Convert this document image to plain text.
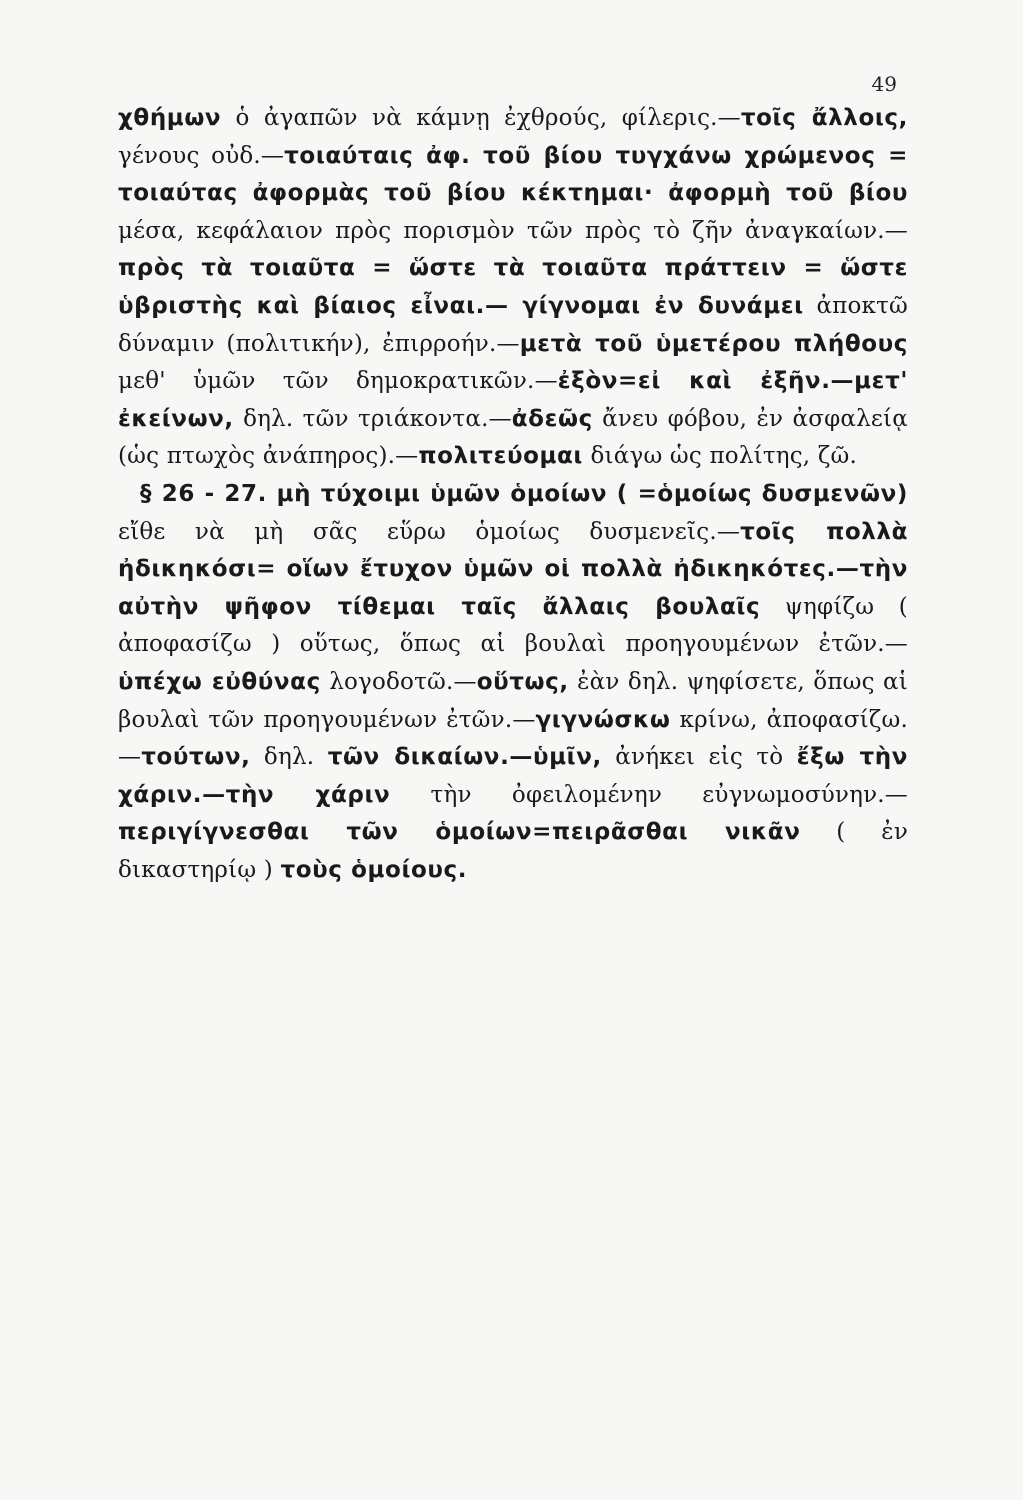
49

χθήμων ὁ ἀγαπῶν νὰ κάμνῃ ἐχθρούς, φίλερις.—τοῖς ἄλλοις, γένους οὐδ.—τοιαύταις ἀφ. τοῦ βίου τυγχάνω χρώμενος = τοιαύτας ἀφορμὰς τοῦ βίου κέκτημαι· ἀφορμὴ τοῦ βίου μέσα, κεφάλαιον πρὸς πορισμὸν τῶν πρὸς τὸ ζῆν ἀναγκαίων.—πρὸς τὰ τοιαῦτα = ὥστε τὰ τοιαῦτα πράττειν = ὥστε ὑβριστὴς καὶ βίαιος εἶναι.— γίγνομαι ἐν δυνάμει ἀποκτῶ δύναμιν (πολιτικήν), ἐπιρροήν.—μετὰ τοῦ ὑμετέρου πλήθους μεθ' ὑμῶν τῶν δημοκρατικῶν.—ἐξὸν=εἰ καὶ ἐξῆν.—μετ' ἐκείνων, δηλ. τῶν τριάκοντα.—ἀδεῶς ἄνευ φόβου, ἐν ἀσφαλείᾳ (ὡς πτωχὸς ἀνάπηρος).—πολιτεύομαι διάγω ὡς πολίτης, ζῶ.

§ 26 - 27. μὴ τύχοιμι ὑμῶν ὁμοίων ( =ὁμοίως δυσμενῶν) εἴθε νὰ μὴ σᾶς εὕρω ὁμοίως δυσμενεῖς.—τοῖς πολλὰ ἠδικηκόσι= οἵων ἔτυχον ὑμῶν οἱ πολλὰ ἠδικηκότες.—τὴν αὐτὴν ψῆφον τίθεμαι ταῖς ἄλλαις βουλαῖς ψηφίζω ( ἀποφασίζω ) οὕτως, ὅπως αἱ βουλαὶ προηγουμένων ἐτῶν.—ὑπέχω εὐθύνας λογοδοτῶ.—οὕτως, ἐὰν δηλ. ψηφίσετε, ὅπως αἱ βουλαὶ τῶν προηγουμένων ἐτῶν.—γιγνώσκω κρίνω, ἀποφασίζω.—τούτων, δηλ. τῶν δικαίων.—ὑμῖν, ἀνήκει εἰς τὸ ἔξω τὴν χάριν.—τὴν χάριν τὴν ὀφειλομένην εὐγνωμοσύνην.—περιγίγνεσθαι τῶν ὁμοίων=πειρᾶσθαι νικᾶν ( ἐν δικαστηρίῳ ) τοὺς ὁμοίους.
